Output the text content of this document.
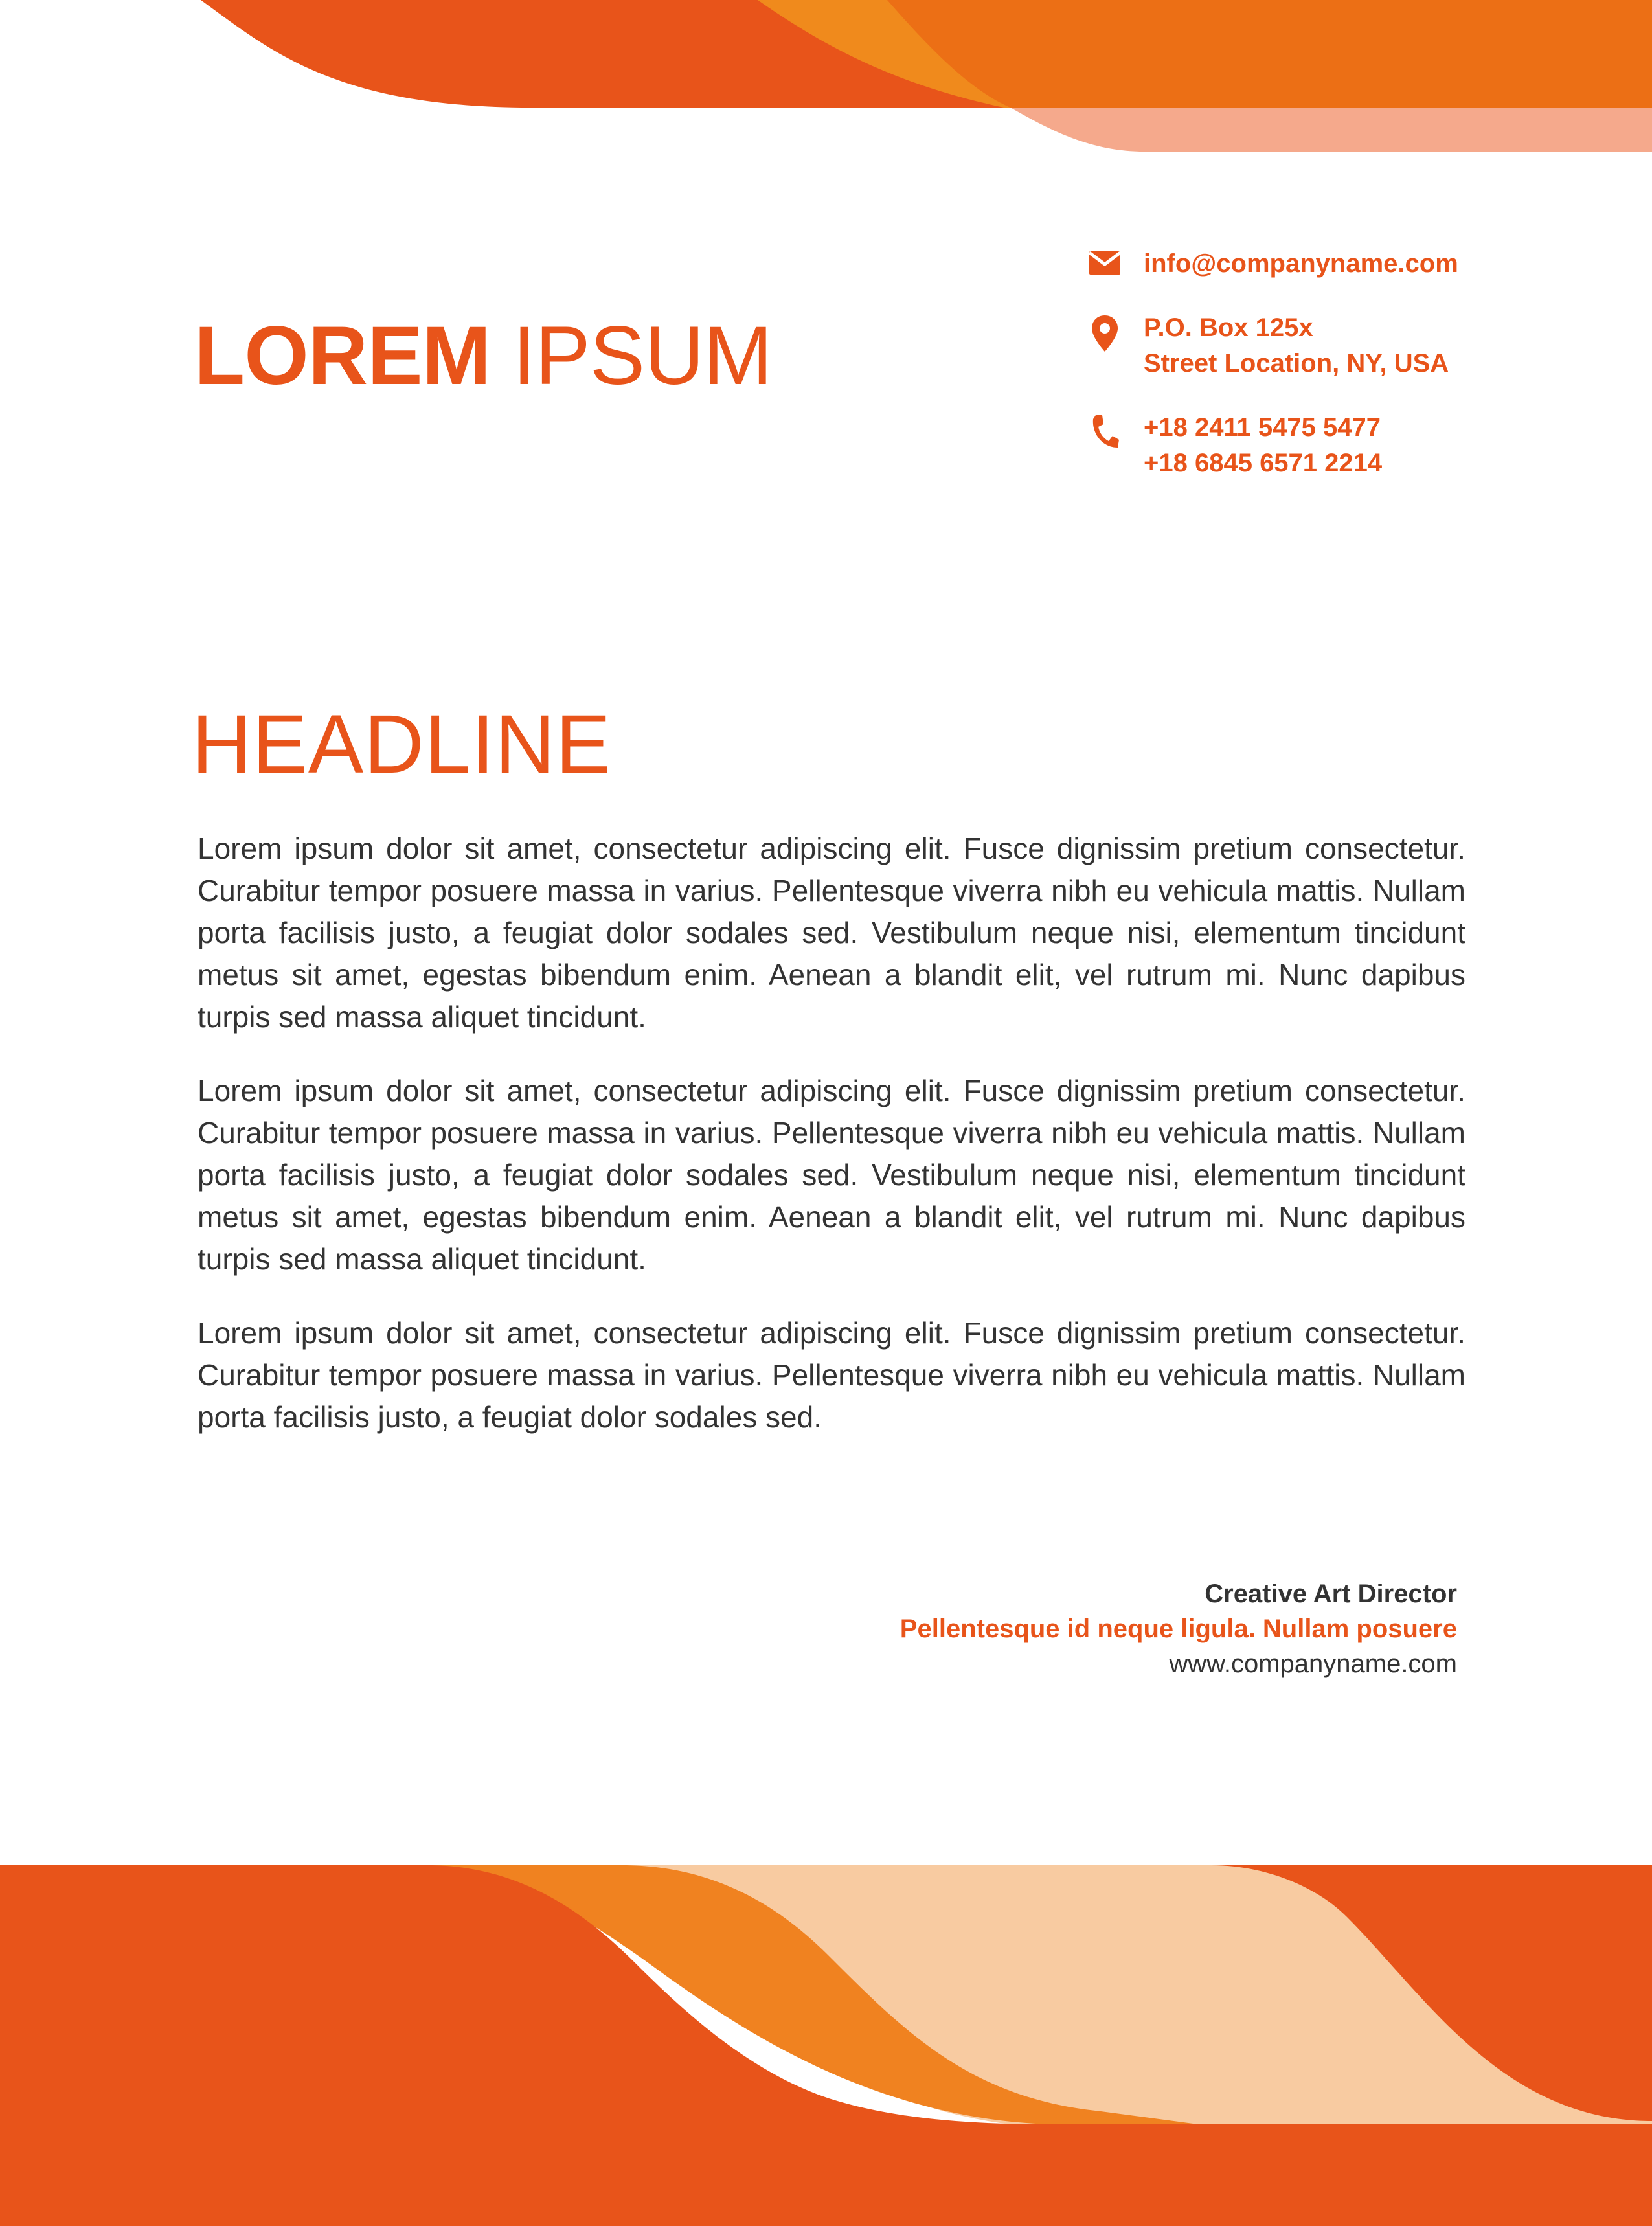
LOREM IPSUM
info@companyname.com
P.O. Box 125x
Street Location, NY, USA
+18 2411 5475 5477
+18 6845 6571 2214
HEADLINE

Lorem ipsum dolor sit amet, consectetur adipiscing elit. Fusce dignissim pretium consectetur. Curabitur tempor posuere massa in varius. Pellentesque viverra nibh eu vehicula mattis. Nullam porta facilisis justo, a feugiat dolor sodales sed. Vestibulum neque nisi, elementum tincidunt metus sit amet, egestas bibendum enim. Aenean a blandit elit, vel rutrum mi. Nunc dapibus turpis sed massa aliquet tincidunt.

Lorem ipsum dolor sit amet, consectetur adipiscing elit. Fusce dignissim pretium consectetur. Curabitur tempor posuere massa in varius. Pellentesque viverra nibh eu vehicula mattis. Nullam porta facilisis justo, a feugiat dolor sodales sed. Vestibulum neque nisi, elementum tincidunt metus sit amet, egestas bibendum enim. Aenean a blandit elit, vel rutrum mi. Nunc dapibus turpis sed massa aliquet tincidunt.

Lorem ipsum dolor sit amet, consectetur adipiscing elit. Fusce dignissim pretium consectetur. Curabitur tempor posuere massa in varius. Pellentesque viverra nibh eu vehicula mattis. Nullam porta facilisis justo, a feugiat dolor sodales sed.

Creative Art Director
Pellentesque id neque ligula. Nullam posuere
www.companyname.com
